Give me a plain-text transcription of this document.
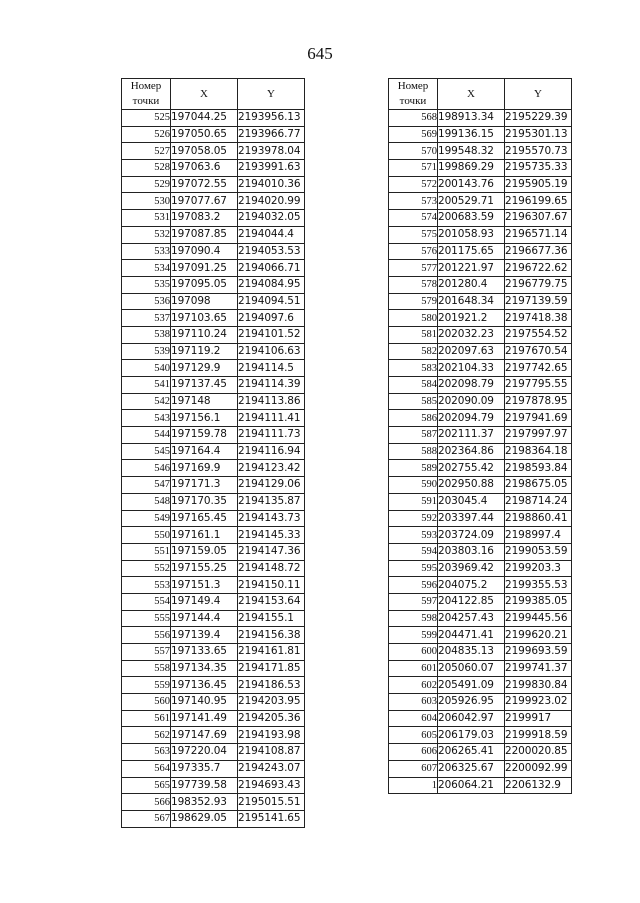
645
Номер
точки	X	Y
525	197044.25	2193956.13
526	197050.65	2193966.77
527	197058.05	2193978.04
528	197063.6	2193991.63
529	197072.55	2194010.36
530	197077.67	2194020.99
531	197083.2	2194032.05
532	197087.85	2194044.4
533	197090.4	2194053.53
534	197091.25	2194066.71
535	197095.05	2194084.95
536	197098	2194094.51
537	197103.65	2194097.6
538	197110.24	2194101.52
539	197119.2	2194106.63
540	197129.9	2194114.5
541	197137.45	2194114.39
542	197148	2194113.86
543	197156.1	2194111.41
544	197159.78	2194111.73
545	197164.4	2194116.94
546	197169.9	2194123.42
547	197171.3	2194129.06
548	197170.35	2194135.87
549	197165.45	2194143.73
550	197161.1	2194145.33
551	197159.05	2194147.36
552	197155.25	2194148.72
553	197151.3	2194150.11
554	197149.4	2194153.64
555	197144.4	2194155.1
556	197139.4	2194156.38
557	197133.65	2194161.81
558	197134.35	2194171.85
559	197136.45	2194186.53
560	197140.95	2194203.95
561	197141.49	2194205.36
562	197147.69	2194193.98
563	197220.04	2194108.87
564	197335.7	2194243.07
565	197739.58	2194693.43
566	198352.93	2195015.51
567	198629.05	2195141.65
Номер
точки	X	Y
568	198913.34	2195229.39
569	199136.15	2195301.13
570	199548.32	2195570.73
571	199869.29	2195735.33
572	200143.76	2195905.19
573	200529.71	2196199.65
574	200683.59	2196307.67
575	201058.93	2196571.14
576	201175.65	2196677.36
577	201221.97	2196722.62
578	201280.4	2196779.75
579	201648.34	2197139.59
580	201921.2	2197418.38
581	202032.23	2197554.52
582	202097.63	2197670.54
583	202104.33	2197742.65
584	202098.79	2197795.55
585	202090.09	2197878.95
586	202094.79	2197941.69
587	202111.37	2197997.97
588	202364.86	2198364.18
589	202755.42	2198593.84
590	202950.88	2198675.05
591	203045.4	2198714.24
592	203397.44	2198860.41
593	203724.09	2198997.4
594	203803.16	2199053.59
595	203969.42	2199203.3
596	204075.2	2199355.53
597	204122.85	2199385.05
598	204257.43	2199445.56
599	204471.41	2199620.21
600	204835.13	2199693.59
601	205060.07	2199741.37
602	205491.09	2199830.84
603	205926.95	2199923.02
604	206042.97	2199917
605	206179.03	2199918.59
606	206265.41	2200020.85
607	206325.67	2200092.99
1	206064.21	2206132.9
